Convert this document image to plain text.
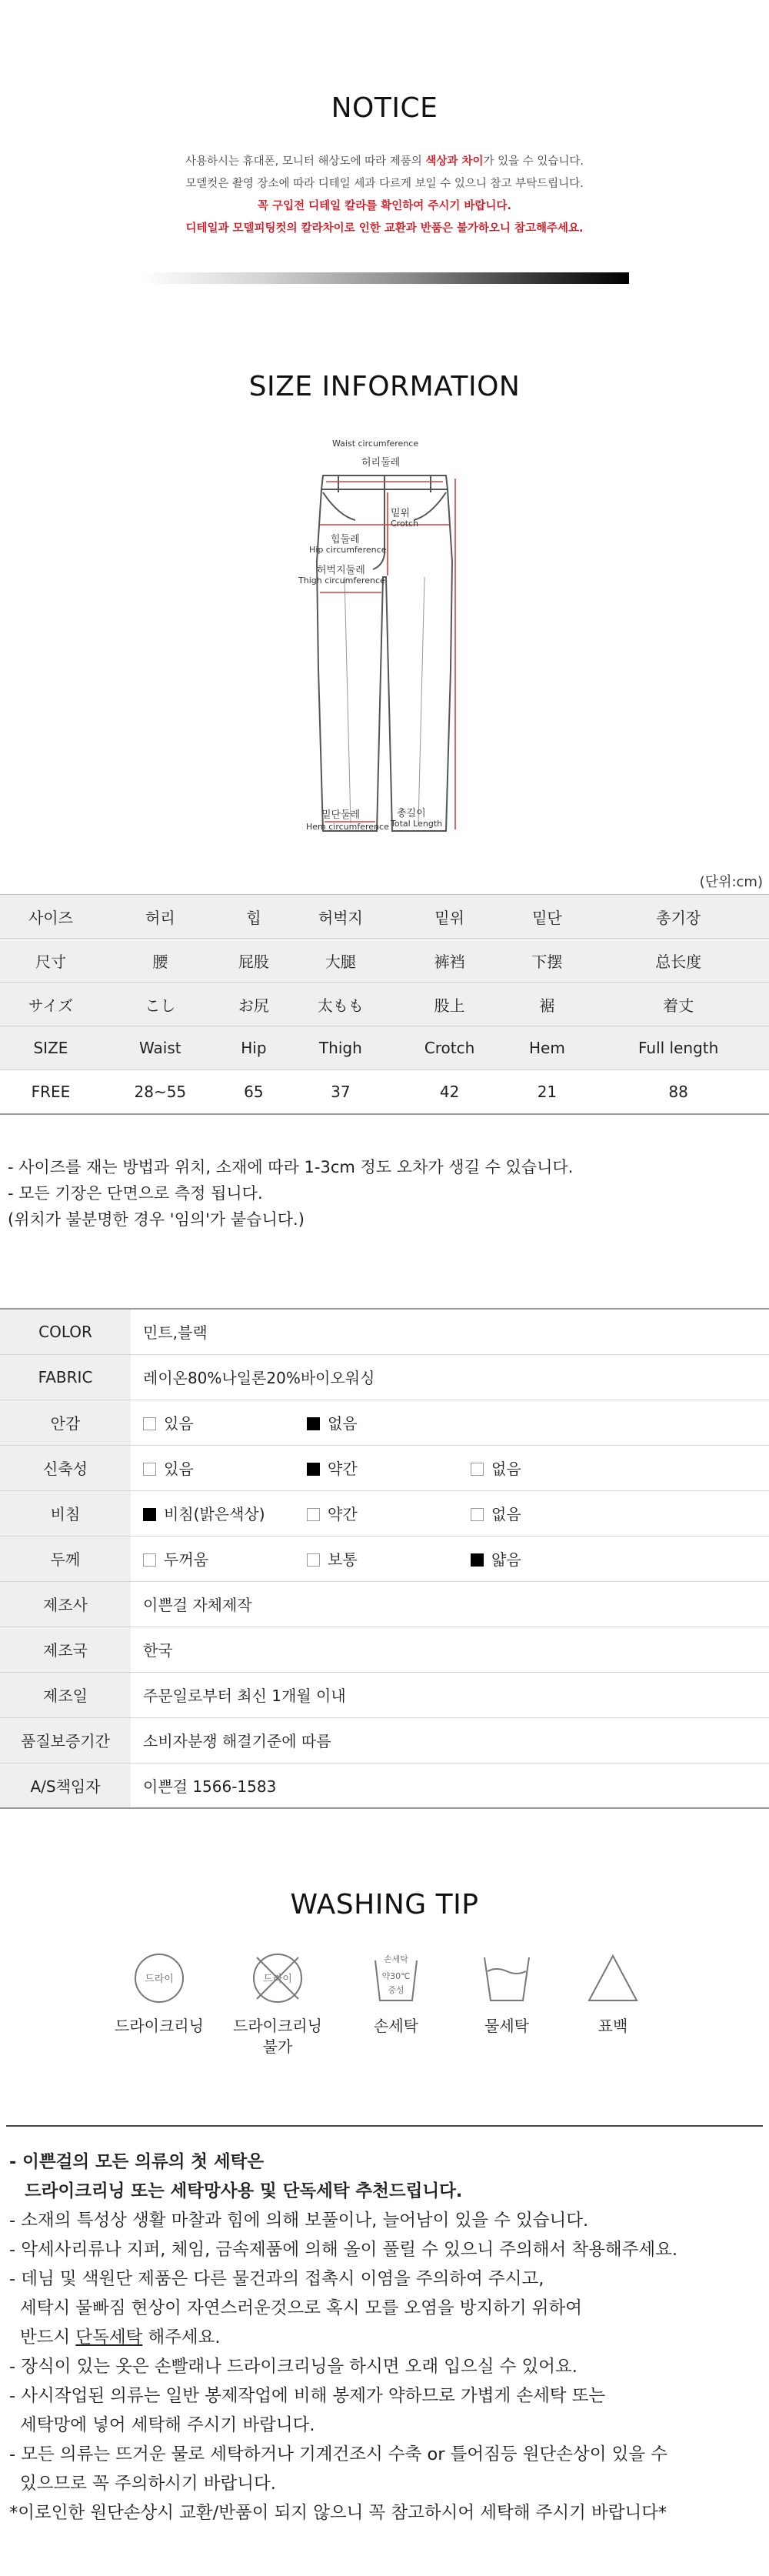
NOTICE
사용하시는 휴대폰, 모니터 해상도에 따라 제품의 색상과 차이가 있을 수 있습니다.
모델컷은 촬영 장소에 따라 디테일 세과 다르게 보일 수 있으니 참고 부탁드립니다.
꼭 구입전 디테일 칼라를 확인하여 주시기 바랍니다.
디테일과 모델피팅컷의 칼라차이로 인한 교환과 반품은 불가하오니 참고해주세요.
SIZE INFORMATION
Waist circumference
허리둘레
밑위
Crotch
힙둘레
Hip circumference
허벅지둘레
Thigh circumference
밑단둘레
Hem circumference
총길이
Total Length
(단위:cm)
사이즈	허리	힙	허벅지	밑위	밑단	총기장
尺寸	腰	屁股	大腿	裤裆	下摆	总长度
サイズ	こし	お尻	太もも	股上	裾	着丈
SIZE	Waist	Hip	Thigh	Crotch	Hem	Full length
FREE	28~55	65	37	42	21	88
- 사이즈를 재는 방법과 위치, 소재에 따라 1-3cm 정도 오차가 생길 수 있습니다.
- 모든 기장은 단면으로 측정 됩니다.
(위치가 불분명한 경우 '임의'가 붙습니다.)
COLOR	민트,블랙
FABRIC	레이온80%나일론20%바이오워싱
안감	있음 없음
신축성	있음 약간 없음
비침	비침(밝은색상) 약간 없음
두께	두꺼움 보통 얇음
제조사	이쁜걸 자체제작
제조국	한국
제조일	주문일로부터 최신 1개월 이내
품질보증기간	소비자분쟁 해결기준에 따름
A/S책임자	이쁜걸 1566-1583
WASHING TIP
드라이
드라이크리닝
드라이
드라이크리닝
불가
손세탁
약30℃
중성
손세탁	물세탁	표백
- 이쁜걸의 모든 의류의 첫 세탁은
드라이크리닝 또는 세탁망사용 및 단독세탁 추천드립니다.
- 소재의 특성상 생활 마찰과 힘에 의해 보풀이나, 늘어남이 있을 수 있습니다.
- 악세사리류나 지퍼, 체임, 금속제품에 의해 올이 풀릴 수 있으니 주의해서 착용해주세요.
- 데님 및 색원단 제품은 다른 물건과의 접촉시 이염을 주의하여 주시고,
세탁시 물빠짐 현상이 자연스러운것으로 혹시 모를 오염을 방지하기 위하여
반드시 단독세탁 해주세요.
- 장식이 있는 옷은 손빨래나 드라이크리닝을 하시면 오래 입으실 수 있어요.
- 사시작업된 의류는 일반 봉제작업에 비해 봉제가 약하므로 가볍게 손세탁 또는
세탁망에 넣어 세탁해 주시기 바랍니다.
- 모든 의류는 뜨거운 물로 세탁하거나 기계건조시 수축 or 틀어짐등 원단손상이 있을 수
있으므로 꼭 주의하시기 바랍니다.
*이로인한 원단손상시 교환/반품이 되지 않으니 꼭 참고하시어 세탁해 주시기 바랍니다*
